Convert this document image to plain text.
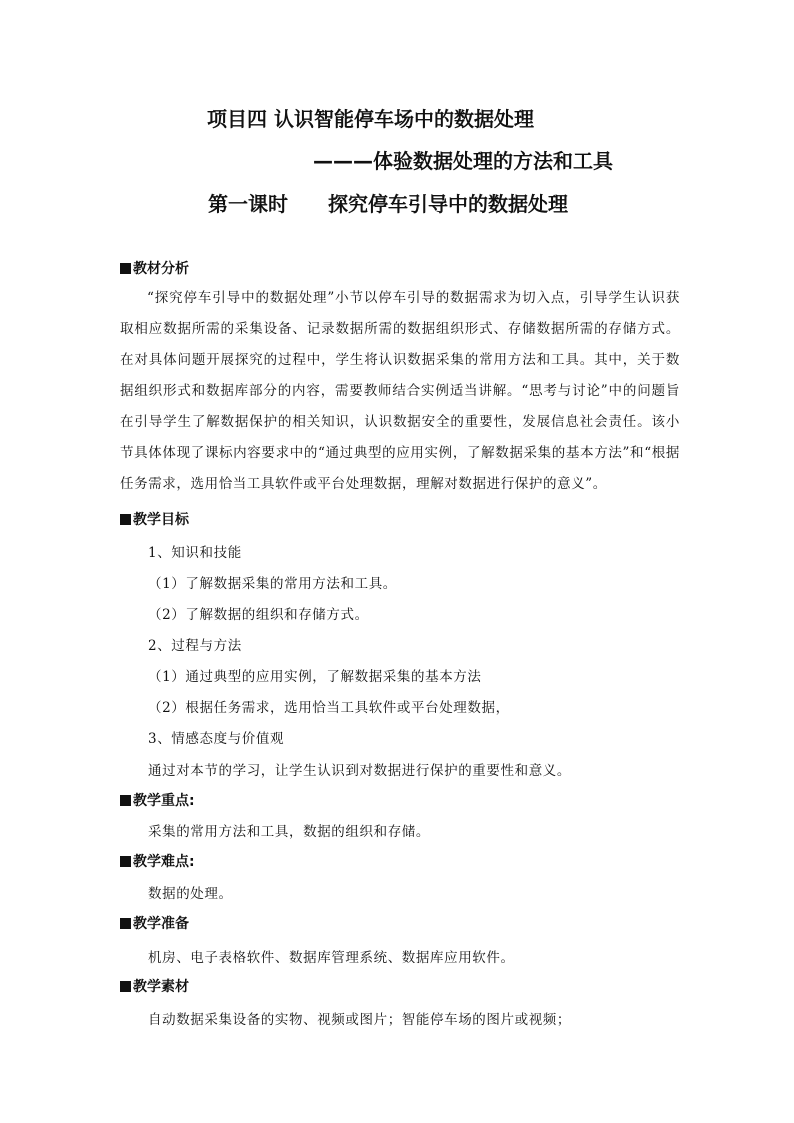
项目四 认识智能停车场中的数据处理
———体验数据处理的方法和工具
第一课时　　探究停车引导中的数据处理
教材分析
“探究停车引导中的数据处理”小节以停车引导的数据需求为切入点，引导学生认识获取相应数据所需的采集设备、记录数据所需的数据组织形式、存储数据所需的存储方式。在对具体问题开展探究的过程中，学生将认识数据采集的常用方法和工具。其中，关于数据组织形式和数据库部分的内容，需要教师结合实例适当讲解。“思考与讨论”中的问题旨在引导学生了解数据保护的相关知识，认识数据安全的重要性，发展信息社会责任。该小节具体体现了课标内容要求中的“通过典型的应用实例，了解数据采集的基本方法”和“根据任务需求，选用恰当工具软件或平台处理数据，理解对数据进行保护的意义”。
教学目标
1、知识和技能
（1）了解数据采集的常用方法和工具。
（2）了解数据的组织和存储方式。
2、过程与方法
（1）通过典型的应用实例，了解数据采集的基本方法
（2）根据任务需求，选用恰当工具软件或平台处理数据，
3、情感态度与价值观
通过对本节的学习，让学生认识到对数据进行保护的重要性和意义。
教学重点:
采集的常用方法和工具，数据的组织和存储。
教学难点:
数据的处理。
教学准备
机房、电子表格软件、数据库管理系统、数据库应用软件。
教学素材
自动数据采集设备的实物、视频或图片；智能停车场的图片或视频；
